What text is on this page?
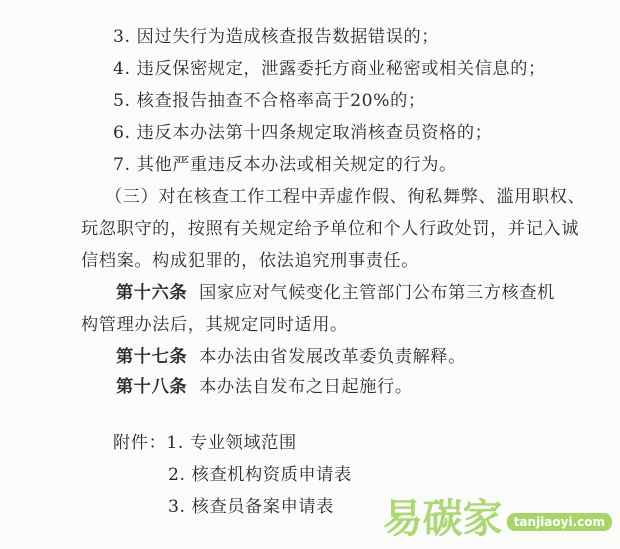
3. 因过失行为造成核查报告数据错误的；
4. 违反保密规定，泄露委托方商业秘密或相关信息的；
5. 核查报告抽查不合格率高于20%的；
6. 违反本办法第十四条规定取消核查员资格的；
7. 其他严重违反本办法或相关规定的行为。
（三）对在核查工作工程中弄虚作假、徇私舞弊、滥用职权、
玩忽职守的，按照有关规定给予单位和个人行政处罚，并记入诚
信档案。构成犯罪的，依法追究刑事责任。
第十六条 国家应对气候变化主管部门公布第三方核查机
构管理办法后，其规定同时适用。
第十七条 本办法由省发展改革委负责解释。
第十八条 本办法自发布之日起施行。
附件：1. 专业领域范围
2. 核查机构资质申请表
3. 核查员备案申请表 易碳家 tanjiaoyi.com
